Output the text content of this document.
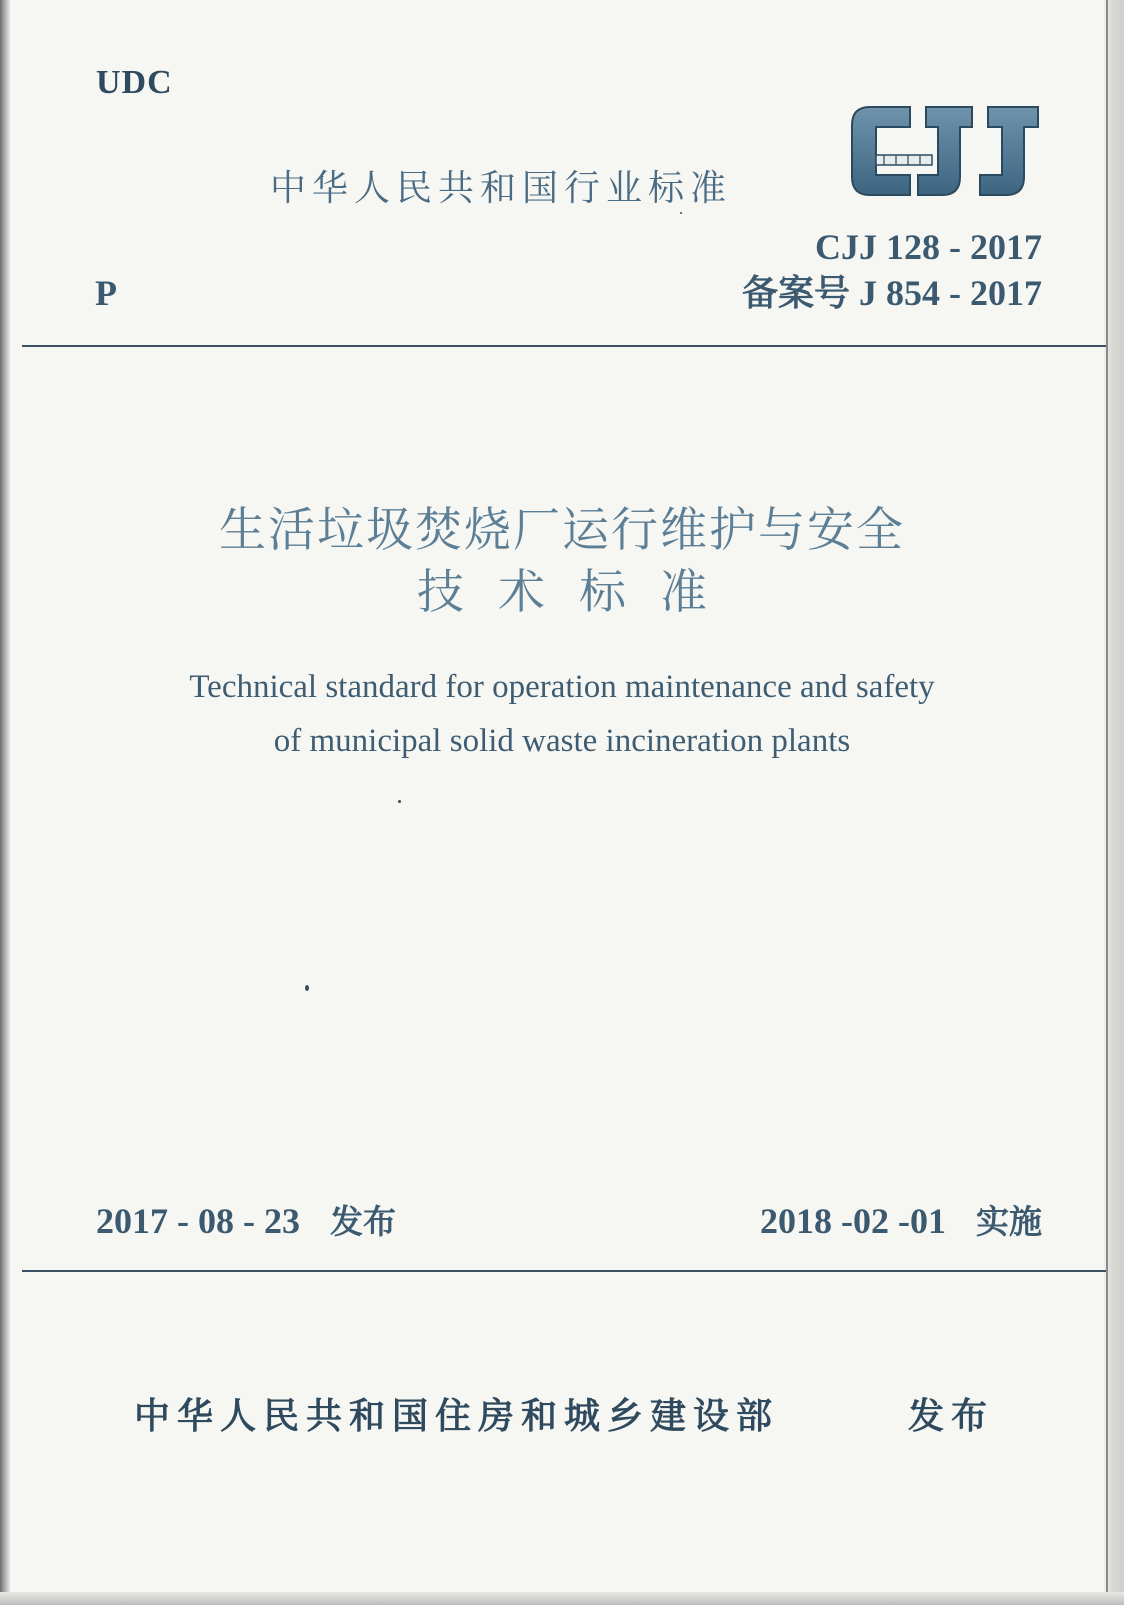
UDC
中华人民共和国行业标准
CJJ 128 - 2017
备案号 J 854 - 2017
P
生活垃圾焚烧厂运行维护与安全
技术标准
Technical standard for operation maintenance and safety
of municipal solid waste incineration plants
2017 - 08 - 23 发布	2018 -02 -01 实施
中华人民共和国住房和城乡建设部	发布
